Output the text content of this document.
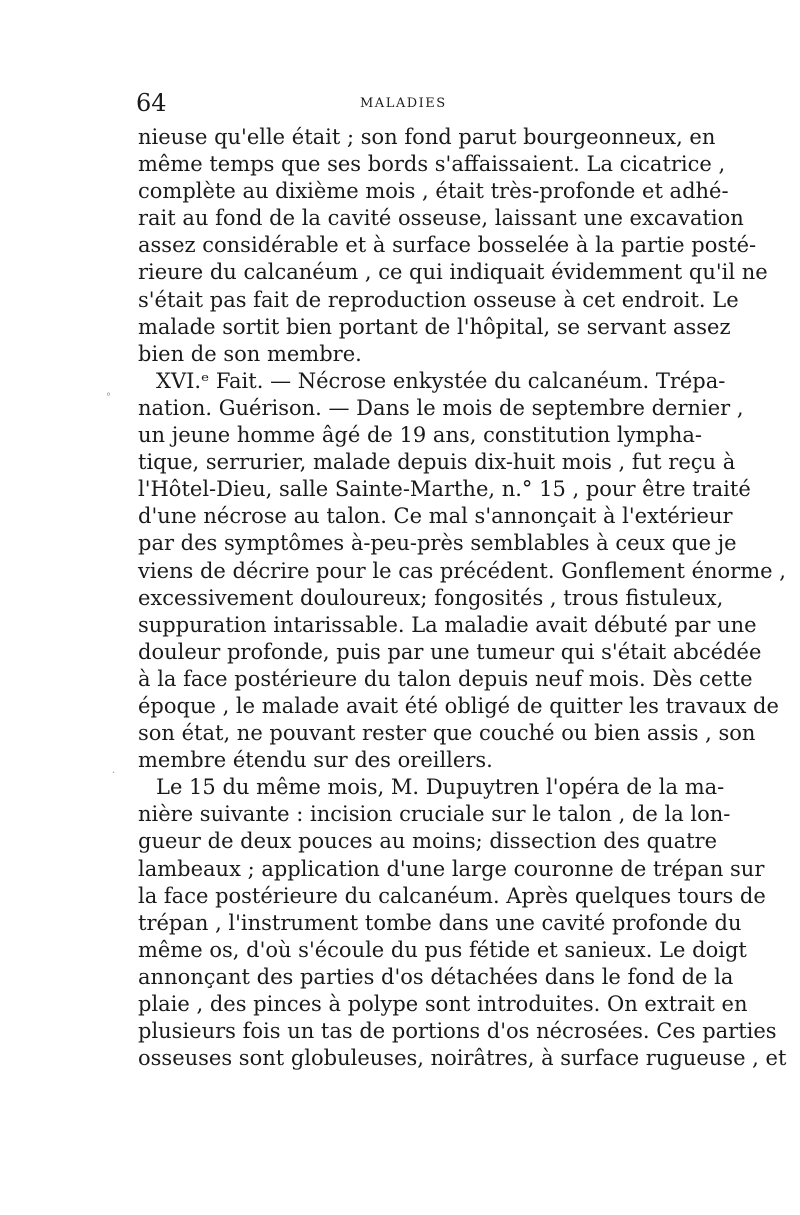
64	MALADIES
nieuse qu'elle était ; son fond parut bourgeonneux, en
même temps que ses bords s'affaissaient. La cicatrice ,
complète au dixième mois , était très-profonde et adhé-
rait au fond de la cavité osseuse, laissant une excavation
assez considérable et à surface bosselée à la partie posté-
rieure du calcanéum , ce qui indiquait évidemment qu'il ne
s'était pas fait de reproduction osseuse à cet endroit. Le
malade sortit bien portant de l'hôpital, se servant assez
bien de son membre.
XVI.ᵉ Fait. — Nécrose enkystée du calcanéum. Trépa-
nation. Guérison. — Dans le mois de septembre dernier ,
un jeune homme âgé de 19 ans, constitution lympha-
tique, serrurier, malade depuis dix-huit mois , fut reçu à
l'Hôtel-Dieu, salle Sainte-Marthe, n.° 15 , pour être traité
d'une nécrose au talon. Ce mal s'annonçait à l'extérieur
par des symptômes à-peu-près semblables à ceux que je
viens de décrire pour le cas précédent. Gonflement énorme ,
excessivement douloureux; fongosités , trous fistuleux,
suppuration intarissable. La maladie avait débuté par une
douleur profonde, puis par une tumeur qui s'était abcédée
à la face postérieure du talon depuis neuf mois. Dès cette
époque , le malade avait été obligé de quitter les travaux de
son état, ne pouvant rester que couché ou bien assis , son
membre étendu sur des oreillers.
Le 15 du même mois, M. Dupuytren l'opéra de la ma-
nière suivante : incision cruciale sur le talon , de la lon-
gueur de deux pouces au moins; dissection des quatre
lambeaux ; application d'une large couronne de trépan sur
la face postérieure du calcanéum. Après quelques tours de
trépan , l'instrument tombe dans une cavité profonde du
même os, d'où s'écoule du pus fétide et sanieux. Le doigt
annonçant des parties d'os détachées dans le fond de la
plaie , des pinces à polype sont introduites. On extrait en
plusieurs fois un tas de portions d'os nécrosées. Ces parties
osseuses sont globuleuses, noirâtres, à surface rugueuse , et
°
·
